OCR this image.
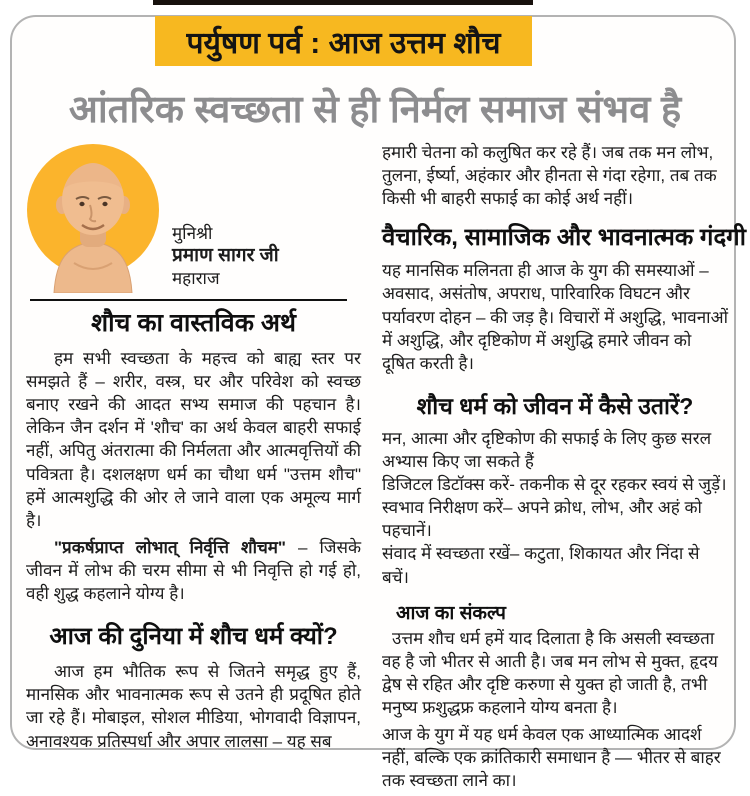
पर्युषण पर्व : आज उत्तम शौच
आंतरिक स्वच्छता से ही निर्मल समाज संभव है
मुनिश्री
प्रमाण सागर जी
महाराज
शौच का वास्तविक अर्थ

हम सभी स्वच्छता के महत्त्व को बाह्य स्तर पर समझते हैं – शरीर, वस्त्र, घर और परिवेश को स्वच्छ बनाए रखने की आदत सभ्य समाज की पहचान है। लेकिन जैन दर्शन में 'शौच' का अर्थ केवल बाहरी सफाई नहीं, अपितु अंतरात्मा की निर्मलता और आत्मवृत्तियों की पवित्रता है। दशलक्षण धर्म का चौथा धर्म "उत्तम शौच" हमें आत्मशुद्धि की ओर ले जाने वाला एक अमूल्य मार्ग है।

"प्रकर्षप्राप्त लोभात् निर्वृत्ति शौचम" – जिसके जीवन में लोभ की चरम सीमा से भी निवृत्ति हो गई हो, वही शुद्ध कहलाने योग्य है।

आज की दुनिया में शौच धर्म क्यों?

आज हम भौतिक रूप से जितने समृद्ध हुए हैं, मानसिक और भावनात्मक रूप से उतने ही प्रदूषित होते जा रहे हैं। मोबाइल, सोशल मीडिया, भोगवादी विज्ञापन, अनावश्यक प्रतिस्पर्धा और अपार लालसा – यह सब

हमारी चेतना को कलुषित कर रहे हैं। जब तक मन लोभ, तुलना, ईर्ष्या, अहंकार और हीनता से गंदा रहेगा, तब तक किसी भी बाहरी सफाई का कोई अर्थ नहीं।

वैचारिक, सामाजिक और भावनात्मक गंदगी

यह मानसिक मलिनता ही आज के युग की समस्याओं – अवसाद, असंतोष, अपराध, पारिवारिक विघटन और पर्यावरण दोहन – की जड़ है। विचारों में अशुद्धि, भावनाओं में अशुद्धि, और दृष्टिकोण में अशुद्धि हमारे जीवन को दूषित करती है।

शौच धर्म को जीवन में कैसे उतारें?

मन, आत्मा और दृष्टिकोण की सफाई के लिए कुछ सरल अभ्यास किए जा सकते हैं

डिजिटल डिटॉक्स करें- तकनीक से दूर रहकर स्वयं से जुड़ें।
स्वभाव निरीक्षण करें– अपने क्रोध, लोभ, और अहं को पहचानें।
संवाद में स्वच्छता रखें– कटुता, शिकायत और निंदा से बचें।
आज का संकल्प

उत्तम शौच धर्म हमें याद दिलाता है कि असली स्वच्छता वह है जो भीतर से आती है। जब मन लोभ से मुक्त, हृदय द्वेष से रहित और दृष्टि करुणा से युक्त हो जाती है, तभी मनुष्य फ्रशुद्धफ्र कहलाने योग्य बनता है।

आज के युग में यह धर्म केवल एक आध्यात्मिक आदर्श नहीं, बल्कि एक क्रांतिकारी समाधान है — भीतर से बाहर तक स्वच्छता लाने का।
